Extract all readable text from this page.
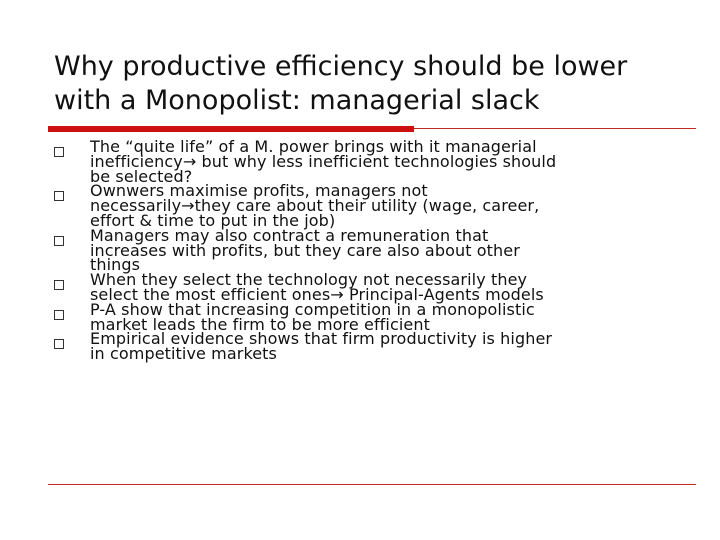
Why productive efficiency should be lower
with a Monopolist: managerial slack
The “quite life” of a M. power brings with it managerial
inefficiency→ but why less inefficient technologies should
be selected?
Ownwers maximise profits, managers not
necessarily→they care about their utility (wage, career,
effort & time to put in the job)
Managers may also contract a remuneration that
increases with profits, but they care also about other
things
When they select the technology not necessarily they
select the most efficient ones→ Principal-Agents models
P-A show that increasing competition in a monopolistic
market leads the firm to be more efficient
Empirical evidence shows that firm productivity is higher
in competitive markets
